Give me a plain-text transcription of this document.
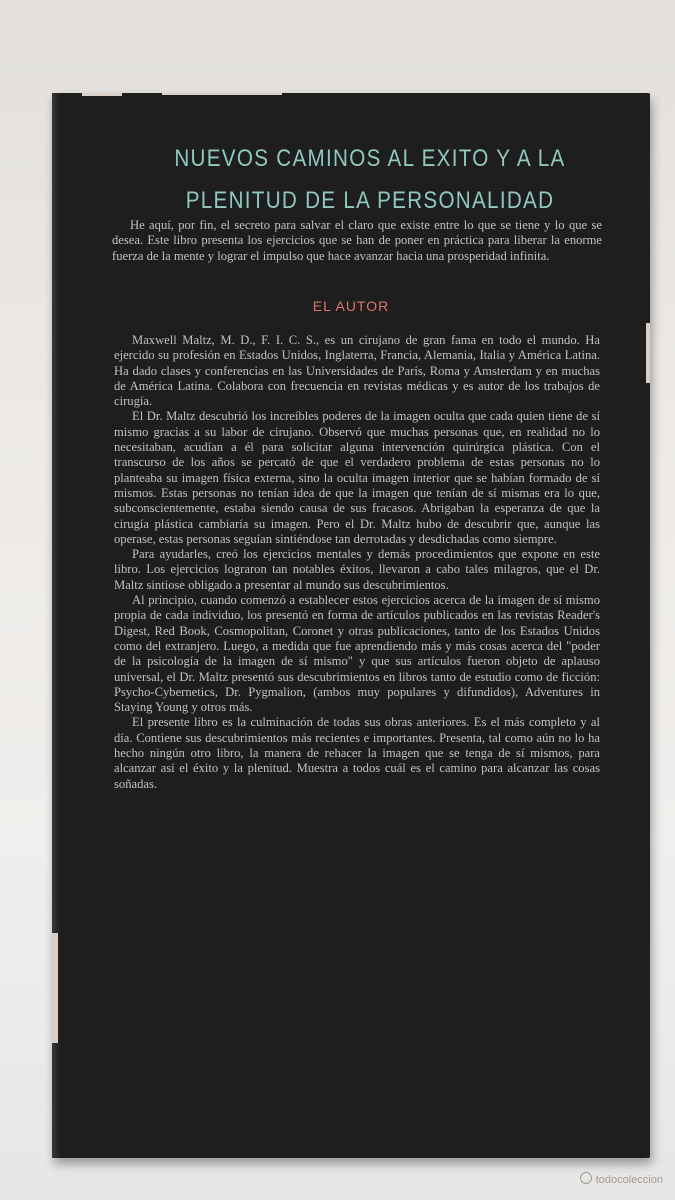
NUEVOS CAMINOS AL EXITO Y A LA
PLENITUD DE LA PERSONALIDAD

He aquí, por fin, el secreto para salvar el claro que existe entre lo que se tiene y lo que se desea. Este libro presenta los ejercicios que se han de poner en práctica para liberar la enorme fuerza de la mente y lograr el impulso que hace avanzar hacia una prosperidad infinita.

EL AUTOR

Maxwell Maltz, M. D., F. I. C. S., es un cirujano de gran fama en todo el mundo. Ha ejercido su profesión en Estados Unidos, Inglaterra, Francia, Alemania, Italia y América Latina. Ha dado clases y conferencias en las Universidades de París, Roma y Amsterdam y en muchas de América Latina. Colabora con frecuencia en revistas médicas y es autor de los trabajos de cirugía.

El Dr. Maltz descubrió los increíbles poderes de la imagen oculta que cada quien tiene de sí mismo gracias a su labor de cirujano. Observó que muchas personas que, en realidad no lo necesitaban, acudían a él para solicitar alguna intervención quirúrgica plástica. Con el transcurso de los años se percató de que el verdadero problema de estas personas no lo planteaba su imagen física externa, sino la oculta imagen interior que se habían formado de sí mismos. Estas personas no tenían idea de que la imagen que tenían de sí mismas era lo que, subconscientemente, estaba siendo causa de sus fracasos. Abrigaban la esperanza de que la cirugía plástica cambiaría su imagen. Pero el Dr. Maltz hubo de descubrir que, aunque las operase, estas personas seguían sintiéndose tan derrotadas y desdichadas como siempre.

Para ayudarles, creó los ejercicios mentales y demás procedimientos que expone en este libro. Los ejercicios lograron tan notables éxitos, llevaron a cabo tales milagros, que el Dr. Maltz sintiose obligado a presentar al mundo sus descubrimientos.

Al principio, cuando comenzó a establecer estos ejercicios acerca de la imagen de sí mismo propia de cada individuo, los presentó en forma de artículos publicados en las revistas Reader's Digest, Red Book, Cosmopolitan, Coronet y otras publicaciones, tanto de los Estados Unidos como del extranjero. Luego, a medida que fue aprendiendo más y más cosas acerca del "poder de la psicología de la imagen de sí mismo" y que sus artículos fueron objeto de aplauso universal, el Dr. Maltz presentó sus descubrimientos en libros tanto de estudio como de ficción: Psycho-Cybernetics, Dr. Pygmalion, (ambos muy populares y difundidos), Adventures in Staying Young y otros más.

El presente libro es la culminación de todas sus obras anteriores. Es el más completo y al día. Contiene sus descubrimientos más recientes e importantes. Presenta, tal como aún no lo ha hecho ningún otro libro, la manera de rehacer la imagen que se tenga de sí mismos, para alcanzar así el éxito y la plenitud. Muestra a todos cuál es el camino para alcanzar las cosas soñadas.

todocoleccion
